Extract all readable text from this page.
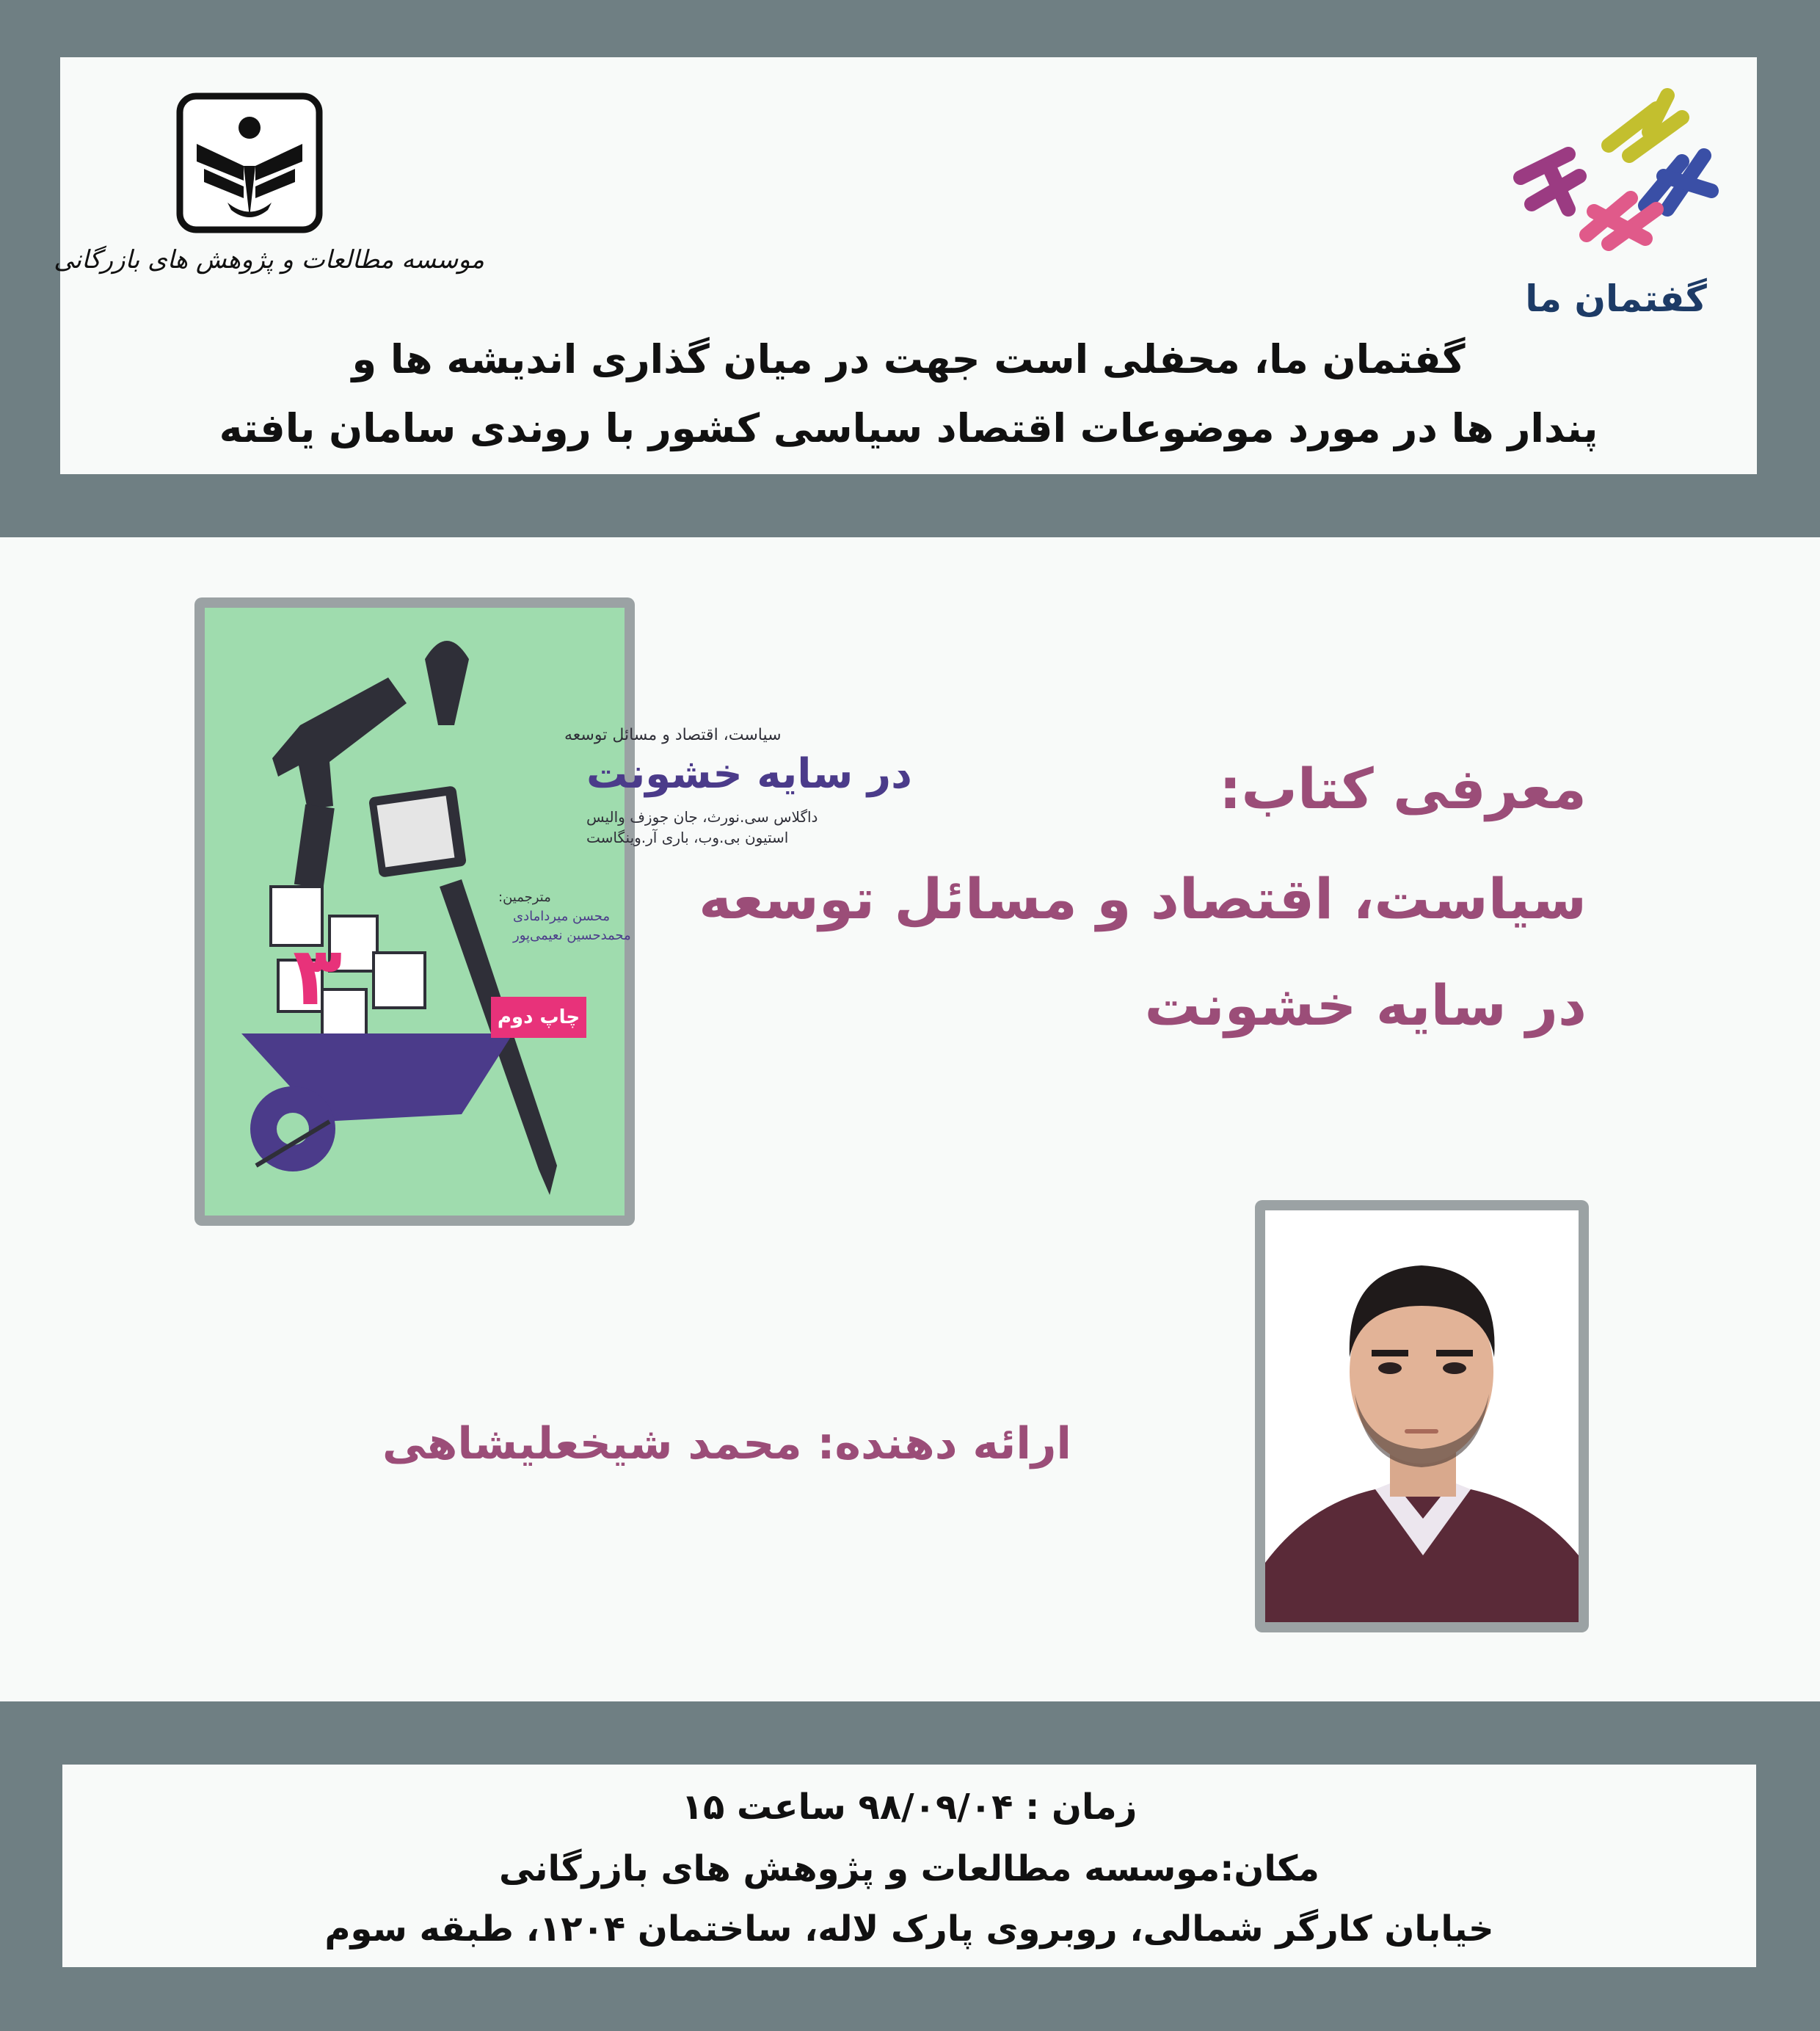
موسسه مطالعات و پژوهش های بازرگانی
گفتمان ما
گفتمان ما، محفلی است جهت در میان گذاری اندیشه ها و
پندار ها در مورد موضوعات اقتصاد سیاسی کشور با روندی سامان یافته
۳	چاپ دوم
سیاست، اقتصاد و مسائل توسعه
در سایه خشونت
داگلاس سی.نورث، جان جوزف والیس
استیون بی.وب، باری آر.وینگاست
مترجمین:
محسن میردامادی
محمدحسین نعیمی‌پور
معرفی کتاب:
سیاست، اقتصاد و مسائل توسعه
در سایه خشونت
ارائه دهنده: محمد شیخعلیشاهی
زمان : ۹۸/۰۹/۰۴ ساعت ۱۵
مکان:موسسه مطالعات و پژوهش های بازرگانی
خیابان کارگر شمالی، روبروی پارک لاله، ساختمان ۱۲۰۴، طبقه سوم
